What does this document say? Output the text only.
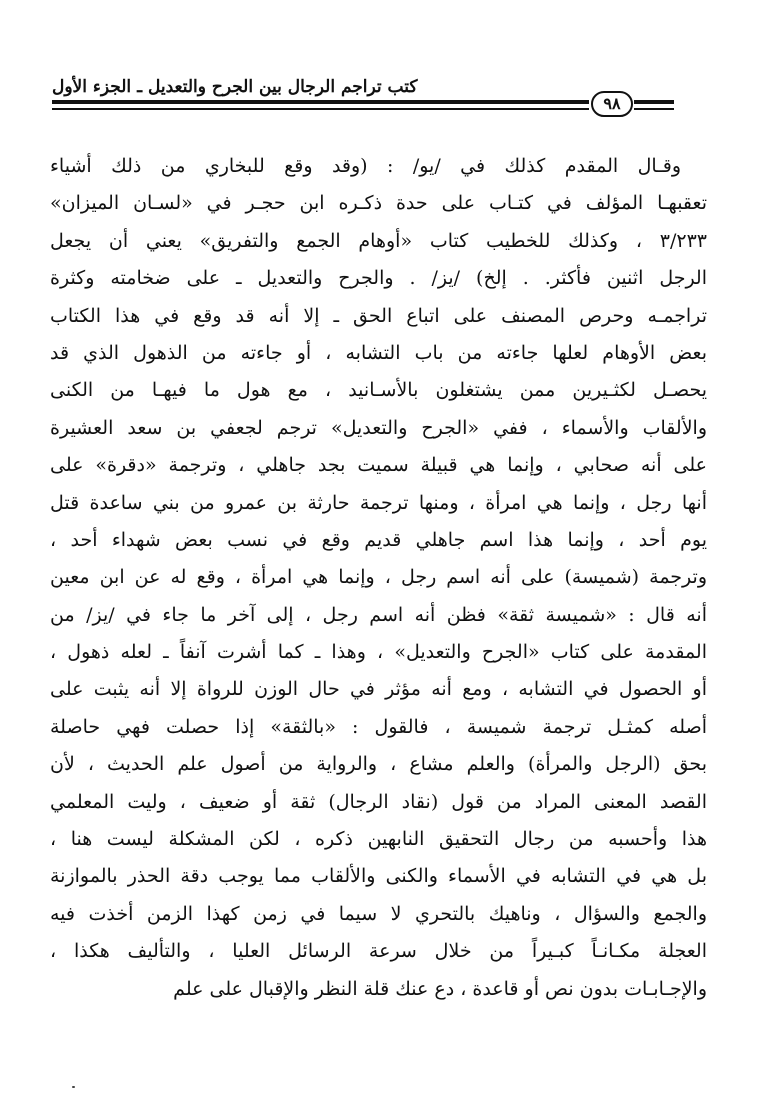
كتب تراجم الرجال بين الجرح والتعديل ـ الجزء الأول
٩٨
وقـال المقدم كذلك في /يو/ : (وقد وقع للبخاري من ذلك أشياء
تعقبهـا المؤلف في كتـاب على حدة ذكـره ابن حجـر في «لسـان الميزان»
٣/٢٣٣ ، وكذلك للخطيب كتاب «أوهام الجمع والتفريق» يعني أن يجعل
الرجل اثنين فأكثر. . إلخ) /يز/ . والجرح والتعديل ـ على ضخامته وكثرة
تراجمـه وحرص المصنف على اتباع الحق ـ إلا أنه قد وقع في هذا الكتاب
بعض الأوهام لعلها جاءته من باب التشابه ، أو جاءته من الذهول الذي قد
يحصـل لكثـيرين ممن يشتغلون بالأسـانيد ، مع هول ما فيهـا من الكنى
والألقاب والأسماء ، ففي «الجرح والتعديل» ترجم لجعفي بن سعد العشيرة
على أنه صحابي ، وإنما هي قبيلة سميت بجد جاهلي ، وترجمة «دقرة» على
أنها رجل ، وإنما هي امرأة ، ومنها ترجمة حارثة بن عمرو من بني ساعدة قتل
يوم أحد ، وإنما هذا اسم جاهلي قديم وقع في نسب بعض شهداء أحد ،
وترجمة (شميسة) على أنه اسم رجل ، وإنما هي امرأة ، وقع له عن ابن معين
أنه قال : «شميسة ثقة» فظن أنه اسم رجل ، إلى آخر ما جاء في /يز/ من
المقدمة على كتاب «الجرح والتعديل» ، وهذا ـ كما أشرت آنفاً ـ لعله ذهول ،
أو الحصول في التشابه ، ومع أنه مؤثر في حال الوزن للرواة إلا أنه يثبت على
أصله كمثـل ترجمة شميسة ، فالقول : «بالثقة» إذا حصلت فهي حاصلة
بحق (الرجل والمرأة) والعلم مشاع ، والرواية من أصول علم الحديث ، لأن
القصد المعنى المراد من قول (نقاد الرجال) ثقة أو ضعيف ، وليت المعلمي
هذا وأحسبه من رجال التحقيق النابهين ذكره ، لكن المشكلة ليست هنا ،
بل هي في التشابه في الأسماء والكنى والألقاب مما يوجب دقة الحذر بالموازنة
والجمع والسؤال ، وناهيك بالتحري لا سيما في زمن كهذا الزمن أخذت فيه
العجلة مكـانـاً كبـيراً من خلال سرعة الرسائل العليا ، والتأليف هكذا ،
والإجـابـات بدون نص أو قاعدة ، دع عنك قلة النظر والإقبال على علم
